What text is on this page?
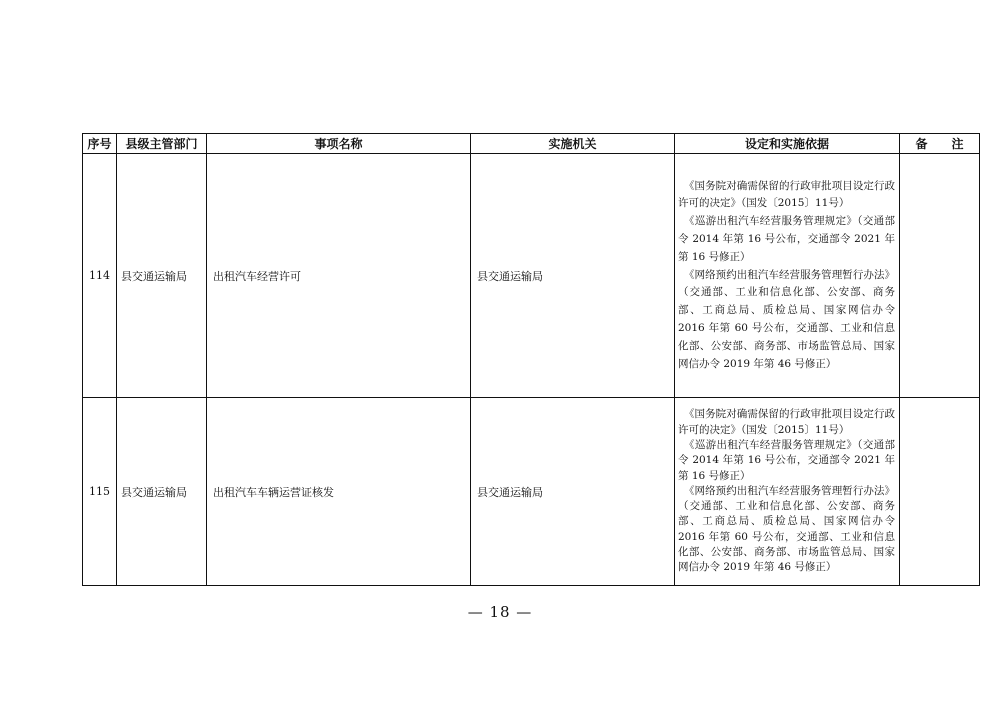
序号	县级主管部门	事项名称	实施机关	设定和实施依据	备　　注
114	县交通运输局	出租汽车经营许可	县交通运输局	《国务院对确需保留的行政审批项目设定行政许可的决定》（国发〔2015〕11号）

《巡游出租汽车经营服务管理规定》（交通部令 2014 年第 16 号公布，交通部令 2021 年第 16 号修正）

《网络预约出租汽车经营服务管理暂行办法》（交通部、工业和信息化部、公安部、商务部、工商总局、质检总局、国家网信办令 2016 年第 60 号公布，交通部、工业和信息化部、公安部、商务部、市场监管总局、国家网信办令 2019 年第 46 号修正）	

115	县交通运输局	出租汽车车辆运营证核发	县交通运输局	《国务院对确需保留的行政审批项目设定行政许可的决定》（国发〔2015〕11号）

《巡游出租汽车经营服务管理规定》（交通部令 2014 年第 16 号公布，交通部令 2021 年第 16 号修正）

《网络预约出租汽车经营服务管理暂行办法》（交通部、工业和信息化部、公安部、商务部、工商总局、质检总局、国家网信办令 2016 年第 60 号公布，交通部、工业和信息化部、公安部、商务部、市场监管总局、国家网信办令 2019 年第 46 号修正）	

— 18 —
